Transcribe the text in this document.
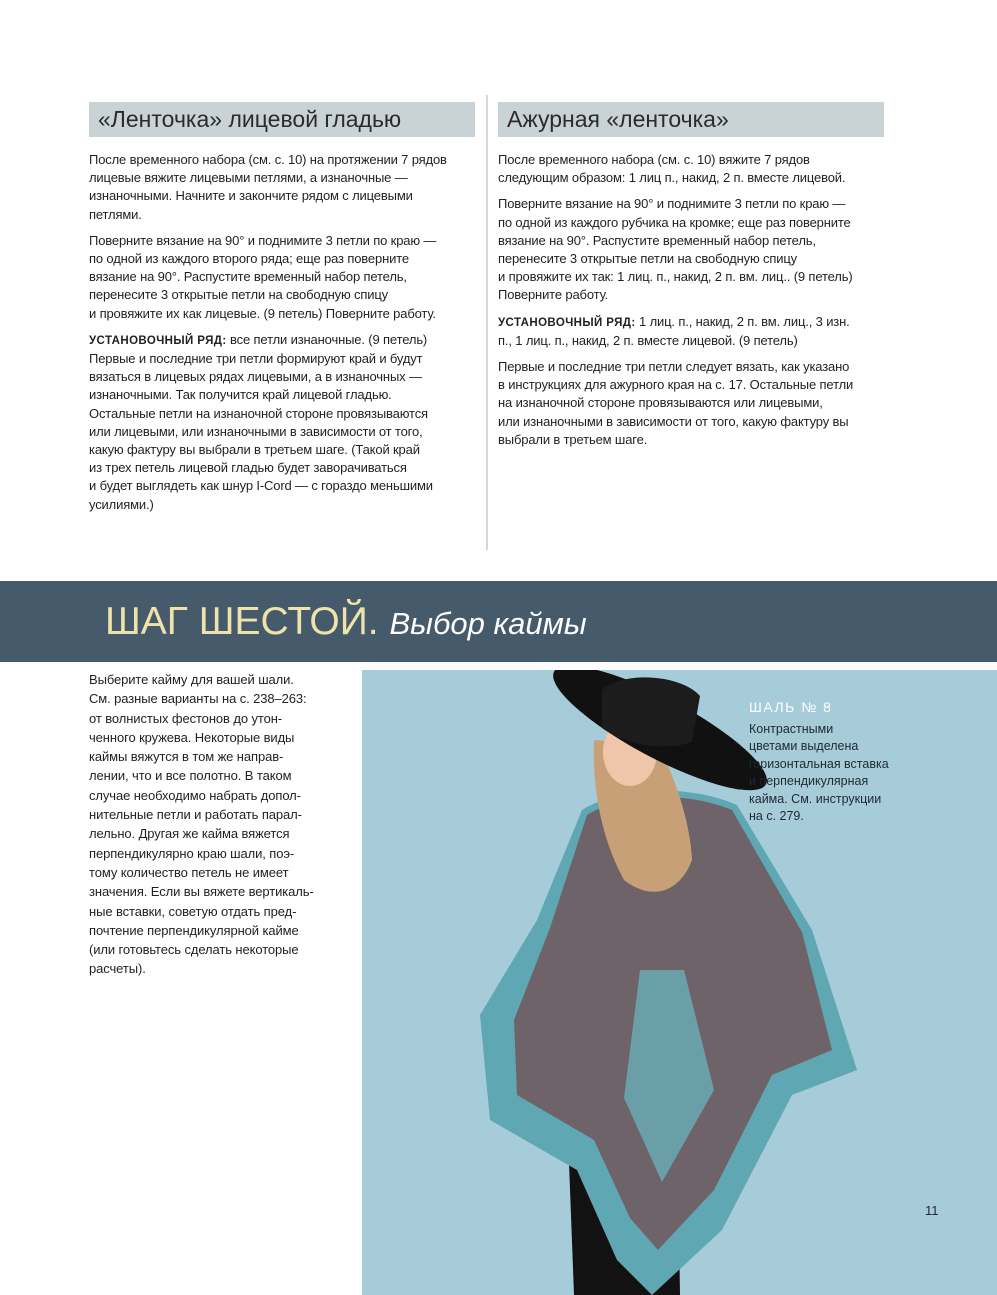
«Ленточка» лицевой гладью

После временного набора (см. с. 10) на протяжении 7 рядов
лицевые вяжите лицевыми петлями, а изнаночные —
изнаночными. Начните и закончите рядом с лицевыми
петлями.

Поверните вязание на 90° и поднимите 3 петли по краю —
по одной из каждого второго ряда; еще раз поверните
вязание на 90°. Распустите временный набор петель,
перенесите 3 открытые петли на свободную спицу
и провяжите их как лицевые. (9 петель) Поверните работу.

УСТАНОВОЧНЫЙ РЯД: все петли изнаночные. (9 петель)
Первые и последние три петли формируют край и будут
вязаться в лицевых рядах лицевыми, а в изнаночных —
изнаночными. Так получится край лицевой гладью.
Остальные петли на изнаночной стороне провязываются
или лицевыми, или изнаночными в зависимости от того,
какую фактуру вы выбрали в третьем шаге. (Такой край
из трех петель лицевой гладью будет заворачиваться
и будет выглядеть как шнур I-Cord — с гораздо меньшими
усилиями.)

Ажурная «ленточка»

После временного набора (см. с. 10) вяжите 7 рядов
следующим образом: 1 лиц п., накид, 2 п. вместе лицевой.

Поверните вязание на 90° и поднимите 3 петли по краю —
по одной из каждого рубчика на кромке; еще раз поверните
вязание на 90°. Распустите временный набор петель,
перенесите 3 открытые петли на свободную спицу
и провяжите их так: 1 лиц. п., накид, 2 п. вм. лиц.. (9 петель)
Поверните работу.

УСТАНОВОЧНЫЙ РЯД: 1 лиц. п., накид, 2 п. вм. лиц., 3 изн.
п., 1 лиц. п., накид, 2 п. вместе лицевой. (9 петель)

Первые и последние три петли следует вязать, как указано
в инструкциях для ажурного края на с. 17. Остальные петли
на изнаночной стороне провязываются или лицевыми,
или изнаночными в зависимости от того, какую фактуру вы
выбрали в третьем шаге.

ШАГ ШЕСТОЙ. Выбор каймы
Выберите кайму для вашей шали.
См. разные варианты на с. 238–263:
от волнистых фестонов до утон-
ченного кружева. Некоторые виды
каймы вяжутся в том же направ-
лении, что и все полотно. В таком
случае необходимо набрать допол-
нительные петли и работать парал-
лельно. Другая же кайма вяжется
перпендикулярно краю шали, поэ-
тому количество петель не имеет
значения. Если вы вяжете вертикаль-
ные вставки, советую отдать пред-
почтение перпендикулярной кайме
(или готовьтесь сделать некоторые
расчеты).
ШАЛЬ № 8
Контрастными
цветами выделена
горизонтальная вставка
и перпендикулярная
кайма. См. инструкции
на с. 279.
11
